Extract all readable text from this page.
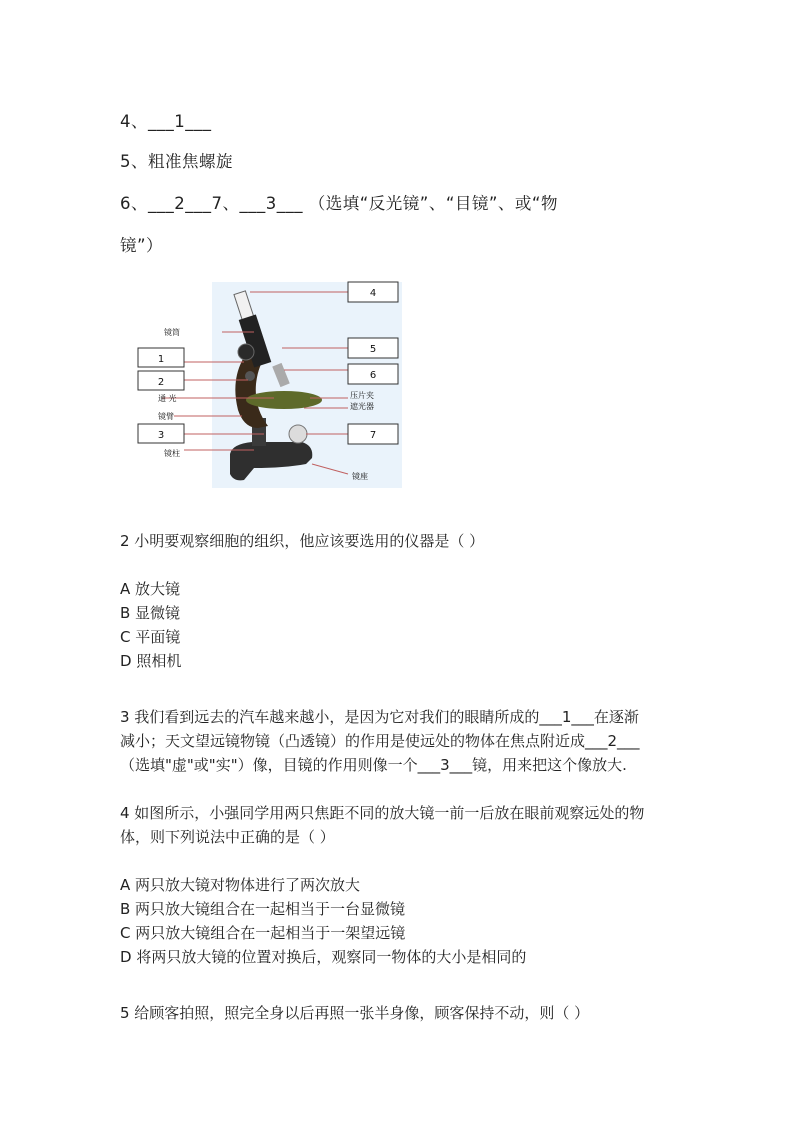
4、___1___
5、粗准焦螺旋
6、___2___7、___3___ （选填“反光镜”、“目镜”、或“物
镜”）
1
2
3
4
5
6
7
镜筒
通 光
镜臂
镜柱
压片夹
遮光器
镜座
2 小明要观察细胞的组织，他应该要选用的仪器是（ ）
A 放大镜
B 显微镜
C 平面镜
D 照相机
3 我们看到远去的汽车越来越小，是因为它对我们的眼睛所成的___1___在逐渐
减小；天文望远镜物镜（凸透镜）的作用是使远处的物体在焦点附近成___2___
（选填"虚"或"实"）像，目镜的作用则像一个___3___镜，用来把这个像放大.
4 如图所示，小强同学用两只焦距不同的放大镜一前一后放在眼前观察远处的物
体，则下列说法中正确的是（ ）
A 两只放大镜对物体进行了两次放大
B 两只放大镜组合在一起相当于一台显微镜
C 两只放大镜组合在一起相当于一架望远镜
D 将两只放大镜的位置对换后，观察同一物体的大小是相同的
5 给顾客拍照，照完全身以后再照一张半身像，顾客保持不动，则（ ）
